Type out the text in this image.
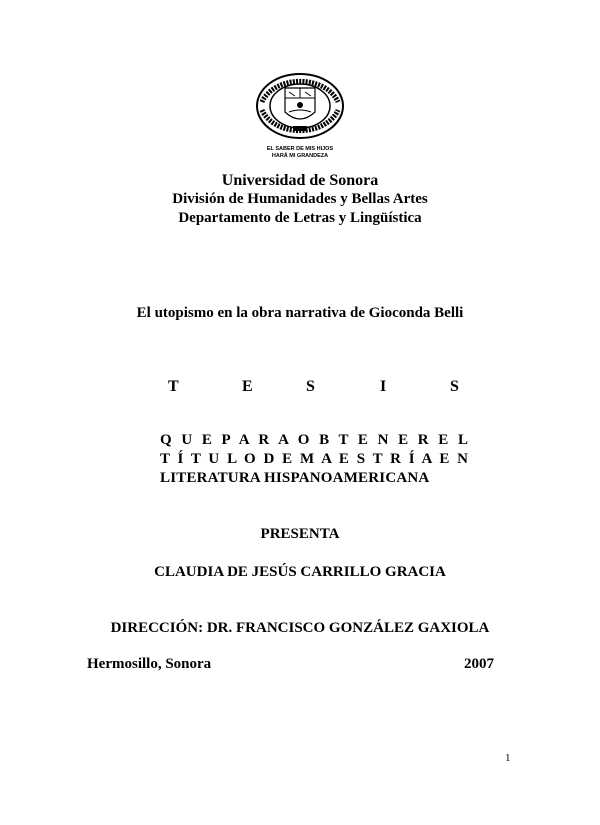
EL SABER DE MIS HIJOS
HARÁ MI GRANDEZA
Universidad de Sonora
División de Humanidades y Bellas Artes
Departamento de Letras y Lingüística
El utopismo en la obra narrativa de Gioconda Belli
T	E	S	I	S
Q U E P A R A O B T E N E R E L
T Í T U L O D E M A E S T R Í A E N
LITERATURA HISPANOAMERICANA
PRESENTA
CLAUDIA DE JESÚS CARRILLO GRACIA
DIRECCIÓN: DR. FRANCISCO GONZÁLEZ GAXIOLA
Hermosillo, Sonora	2007
1
